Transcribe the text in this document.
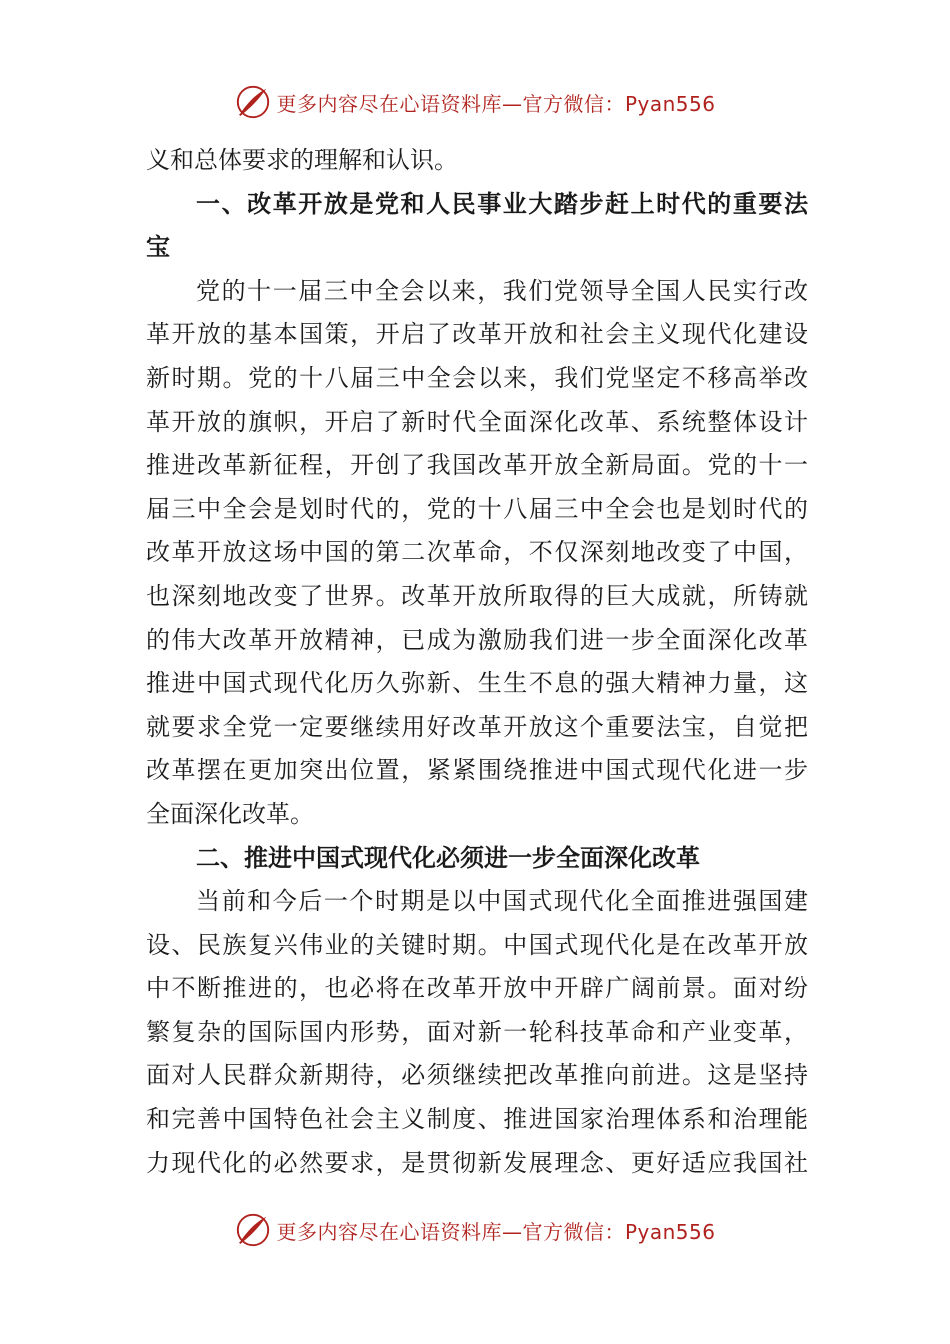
更多内容尽在心语资料库—官方微信：Pyan556
义和总体要求的理解和认识。
一、改革开放是党和人民事业大踏步赶上时代的重要法
宝
党的十一届三中全会以来，我们党领导全国人民实行改
革开放的基本国策，开启了改革开放和社会主义现代化建设
新时期。党的十八届三中全会以来，我们党坚定不移高举改
革开放的旗帜，开启了新时代全面深化改革、系统整体设计
推进改革新征程，开创了我国改革开放全新局面。党的十一
届三中全会是划时代的，党的十八届三中全会也是划时代的
改革开放这场中国的第二次革命，不仅深刻地改变了中国，
也深刻地改变了世界。改革开放所取得的巨大成就，所铸就
的伟大改革开放精神，已成为激励我们进一步全面深化改革
推进中国式现代化历久弥新、生生不息的强大精神力量，这
就要求全党一定要继续用好改革开放这个重要法宝，自觉把
改革摆在更加突出位置，紧紧围绕推进中国式现代化进一步
全面深化改革。
二、推进中国式现代化必须进一步全面深化改革
当前和今后一个时期是以中国式现代化全面推进强国建
设、民族复兴伟业的关键时期。中国式现代化是在改革开放
中不断推进的，也必将在改革开放中开辟广阔前景。面对纷
繁复杂的国际国内形势，面对新一轮科技革命和产业变革，
面对人民群众新期待，必须继续把改革推向前进。这是坚持
和完善中国特色社会主义制度、推进国家治理体系和治理能
力现代化的必然要求，是贯彻新发展理念、更好适应我国社
更多内容尽在心语资料库—官方微信：Pyan556
